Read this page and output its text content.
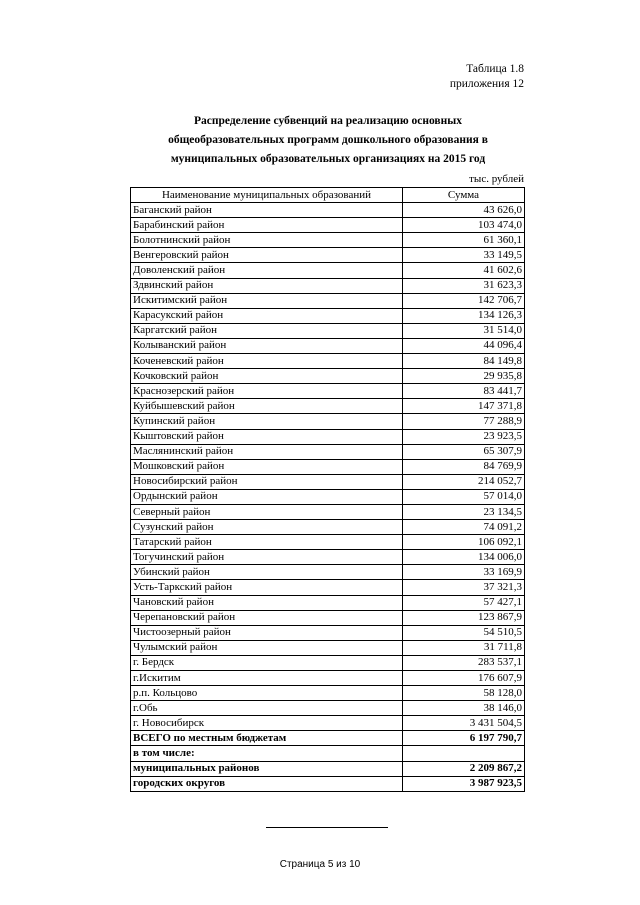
Таблица 1.8
приложения 12
Распределение субвенций на реализацию основных
общеобразовательных программ дошкольного образования в
муниципальных образовательных организациях на 2015 год
тыс. рублей
Наименование муниципальных образований	Сумма
Баганский район	43 626,0
Барабинский район	103 474,0
Болотнинский район	61 360,1
Венгеровский район	33 149,5
Доволенский район	41 602,6
Здвинский район	31 623,3
Искитимский район	142 706,7
Карасукский район	134 126,3
Каргатский район	31 514,0
Колыванский район	44 096,4
Коченевский район	84 149,8
Кочковский район	29 935,8
Краснозерский район	83 441,7
Куйбышевский район	147 371,8
Купинский район	77 288,9
Кыштовский район	23 923,5
Маслянинский район	65 307,9
Мошковский район	84 769,9
Новосибирский район	214 052,7
Ордынский район	57 014,0
Северный район	23 134,5
Сузунский район	74 091,2
Татарский район	106 092,1
Тогучинский район	134 006,0
Убинский район	33 169,9
Усть-Таркский район	37 321,3
Чановский район	57 427,1
Черепановский район	123 867,9
Чистоозерный район	54 510,5
Чулымский район	31 711,8
г. Бердск	283 537,1
г.Искитим	176 607,9
р.п. Кольцово	58 128,0
г.Обь	38 146,0
г. Новосибирск	3 431 504,5
ВСЕГО по местным бюджетам	6 197 790,7
в том числе:	
муниципальных районов	2 209 867,2
городских округов	3 987 923,5
Страница 5 из 10
